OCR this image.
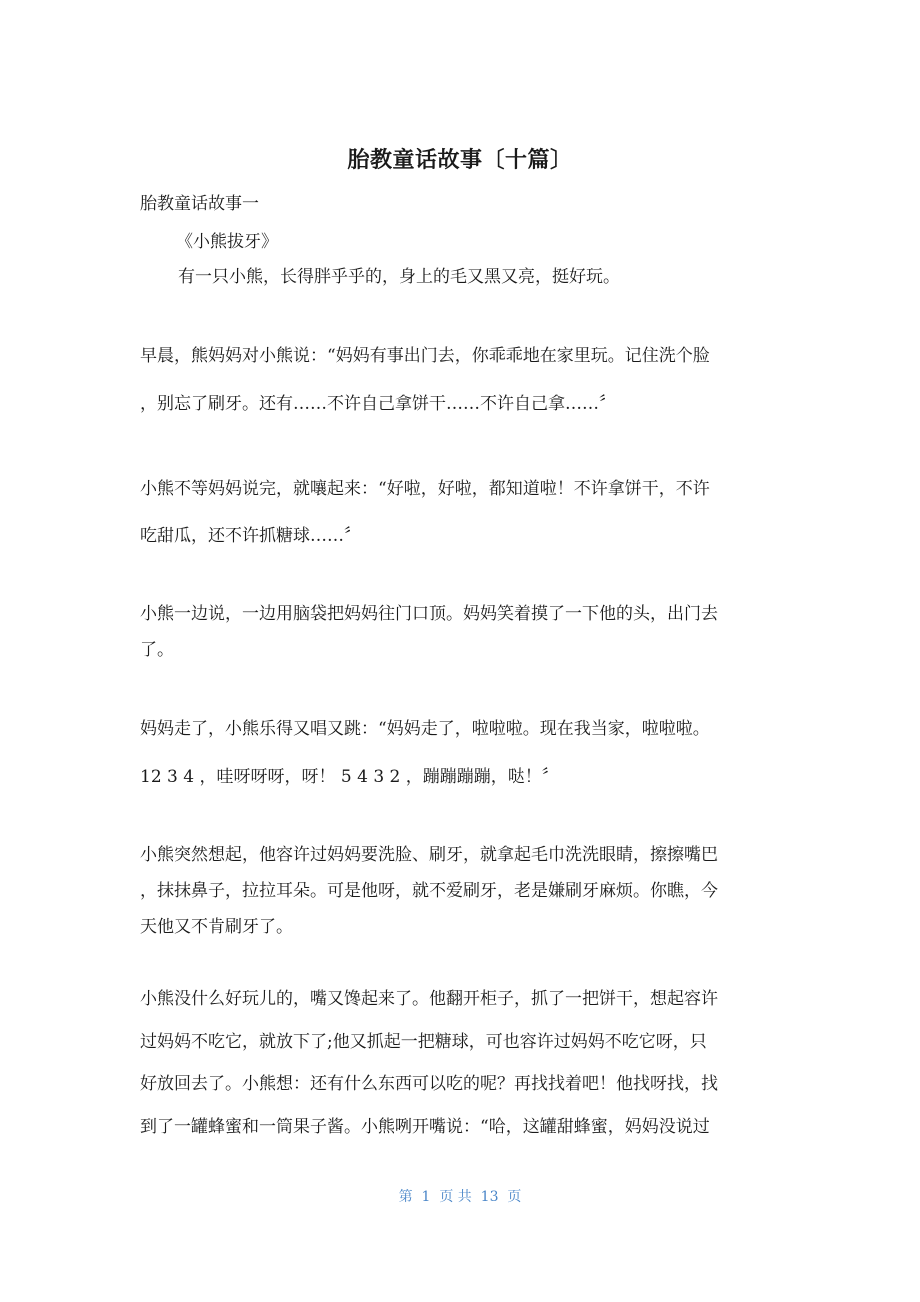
胎教童话故事〔十篇〕
胎教童话故事一
《小熊拔牙》
有一只小熊，长得胖乎乎的，身上的毛又黑又亮，挺好玩。
早晨，熊妈妈对小熊说：“妈妈有事出门去，你乖乖地在家里玩。记住洗个脸
，别忘了刷牙。还有……不许自己拿饼干……不许自己拿……〞
小熊不等妈妈说完，就嚷起来：“好啦，好啦，都知道啦！不许拿饼干，不许
吃甜瓜，还不许抓糖球……〞
小熊一边说，一边用脑袋把妈妈往门口顶。妈妈笑着摸了一下他的头，出门去
了。
妈妈走了，小熊乐得又唱又跳：“妈妈走了，啦啦啦。现在我当家，啦啦啦。
12 3 4 ，哇呀呀呀，呀！ 5 4 3 2 ，蹦蹦蹦蹦，哒！〞
小熊突然想起，他容许过妈妈要洗脸、刷牙，就拿起毛巾洗洗眼睛，擦擦嘴巴
，抹抹鼻子，拉拉耳朵。可是他呀，就不爱刷牙，老是嫌刷牙麻烦。你瞧，今
天他又不肯刷牙了。
小熊没什么好玩儿的，嘴又馋起来了。他翻开柜子，抓了一把饼干，想起容许
过妈妈不吃它，就放下了;他又抓起一把糖球，可也容许过妈妈不吃它呀，只
好放回去了。小熊想：还有什么东西可以吃的呢？再找找着吧！他找呀找，找
到了一罐蜂蜜和一筒果子酱。小熊咧开嘴说：“哈，这罐甜蜂蜜，妈妈没说过
第  1  页 共  13  页
